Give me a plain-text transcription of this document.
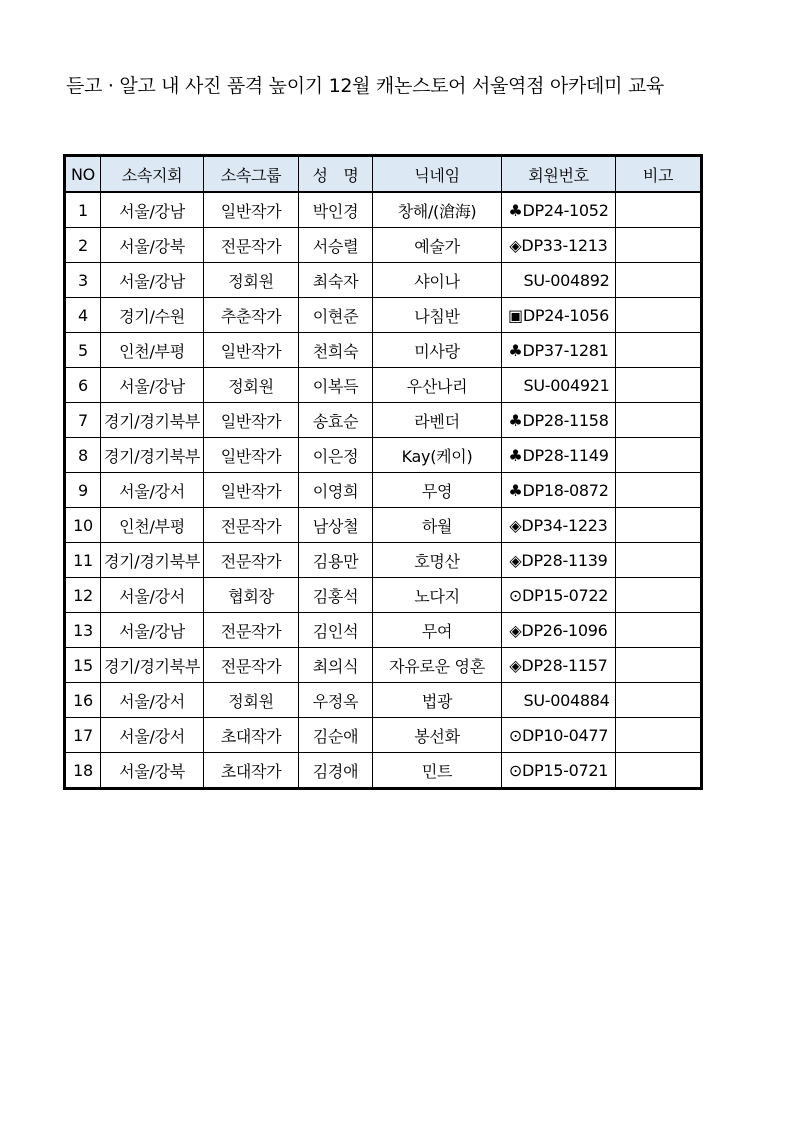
듣고 · 알고 내 사진 품격 높이기 12월 캐논스토어 서울역점 아카데미 교육
NO	소속지회	소속그룹	성　명	닉네임	회원번호	비고
1	서울/강남	일반작가	박인경	창해/(滄海)	♣DP24-1052	
2	서울/강북	전문작가	서승렬	예술가	◈DP33-1213	
3	서울/강남	정회원	최숙자	샤이나	SU-004892	
4	경기/수원	추춘작가	이현준	나침반	▣DP24-1056	
5	인천/부평	일반작가	천희숙	미사랑	♣DP37-1281	
6	서울/강남	정회원	이복득	우산나리	SU-004921	
7	경기/경기북부	일반작가	송효순	라벤더	♣DP28-1158	
8	경기/경기북부	일반작가	이은정	Kay(케이)	♣DP28-1149	
9	서울/강서	일반작가	이영희	무영	♣DP18-0872	
10	인천/부평	전문작가	남상철	하월	◈DP34-1223	
11	경기/경기북부	전문작가	김용만	호명산	◈DP28-1139	
12	서울/강서	협회장	김홍석	노다지	⊙DP15-0722	
13	서울/강남	전문작가	김인석	무여	◈DP26-1096	
15	경기/경기북부	전문작가	최의식	자유로운 영혼	◈DP28-1157	
16	서울/강서	정회원	우정옥	법광	SU-004884	
17	서울/강서	초대작가	김순애	봉선화	⊙DP10-0477	
18	서울/강북	초대작가	김경애	민트	⊙DP15-0721	
